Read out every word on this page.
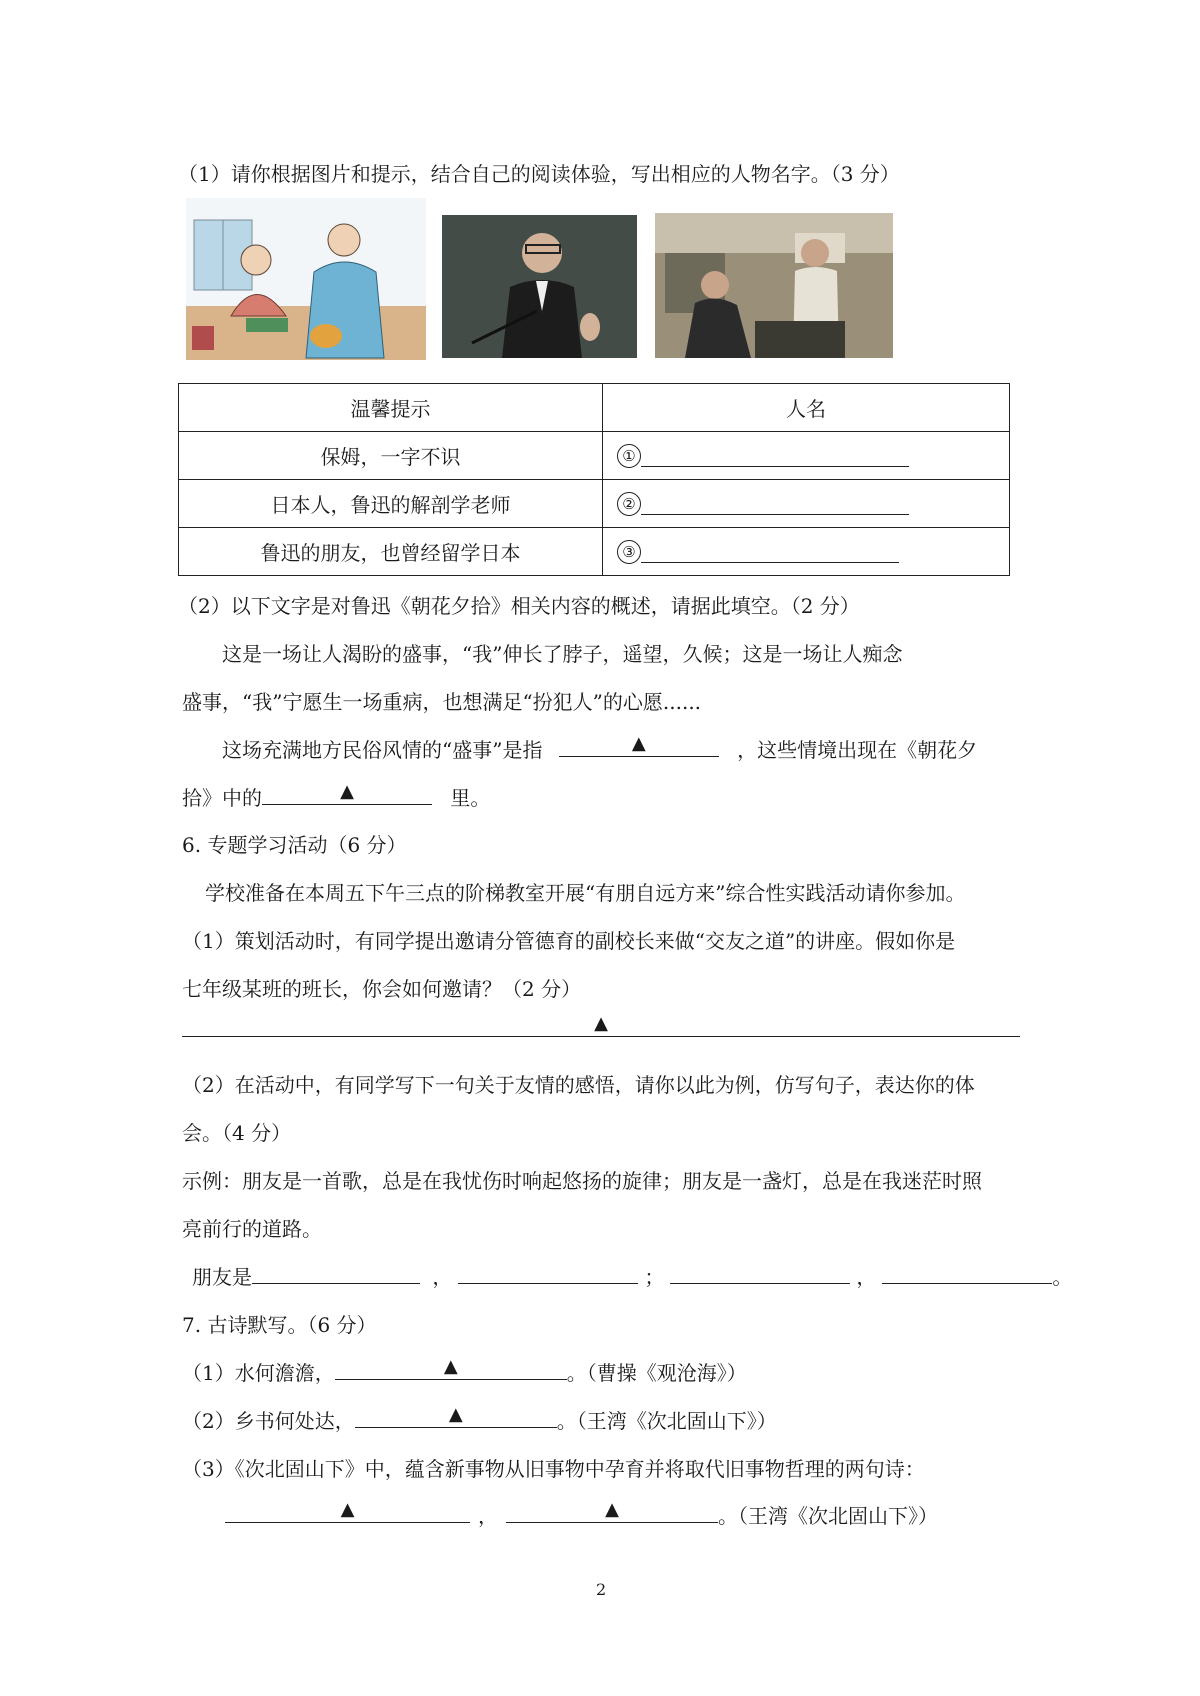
（1）请你根据图片和提示，结合自己的阅读体验，写出相应的人物名字。（3 分）
温馨提示	人名
保姆，一字不识	①
日本人，鲁迅的解剖学老师	②
鲁迅的朋友，也曾经留学日本	③
（2）以下文字是对鲁迅《朝花夕拾》相关内容的概述，请据此填空。（2 分）
这是一场让人渴盼的盛事，“我”伸长了脖子，遥望，久候；这是一场让人痴念
盛事，“我”宁愿生一场重病，也想满足“扮犯人”的心愿......
这场充满地方民俗风情的“盛事”是指	▲	，这些情境出现在《朝花夕
拾》中的	▲	里。
6. 专题学习活动（6 分）
学校准备在本周五下午三点的阶梯教室开展“有朋自远方来”综合性实践活动请你参加。
（1）策划活动时，有同学提出邀请分管德育的副校长来做“交友之道”的讲座。假如你是
七年级某班的班长，你会如何邀请？（2 分）
▲
（2）在活动中，有同学写下一句关于友情的感悟，请你以此为例，仿写句子，表达你的体
会。（4 分）
示例：朋友是一首歌，总是在我忧伤时响起悠扬的旋律；朋友是一盏灯，总是在我迷茫时照
亮前行的道路。
朋友是	，	；	，	。
7. 古诗默写。（6 分）
（1）水何澹澹，	▲	。（曹操《观沧海》）
（2）乡书何处达，	▲	。（王湾《次北固山下》）
（3）《次北固山下》中，蕴含新事物从旧事物中孕育并将取代旧事物哲理的两句诗：
▲	，	▲	。（王湾《次北固山下》）
2
